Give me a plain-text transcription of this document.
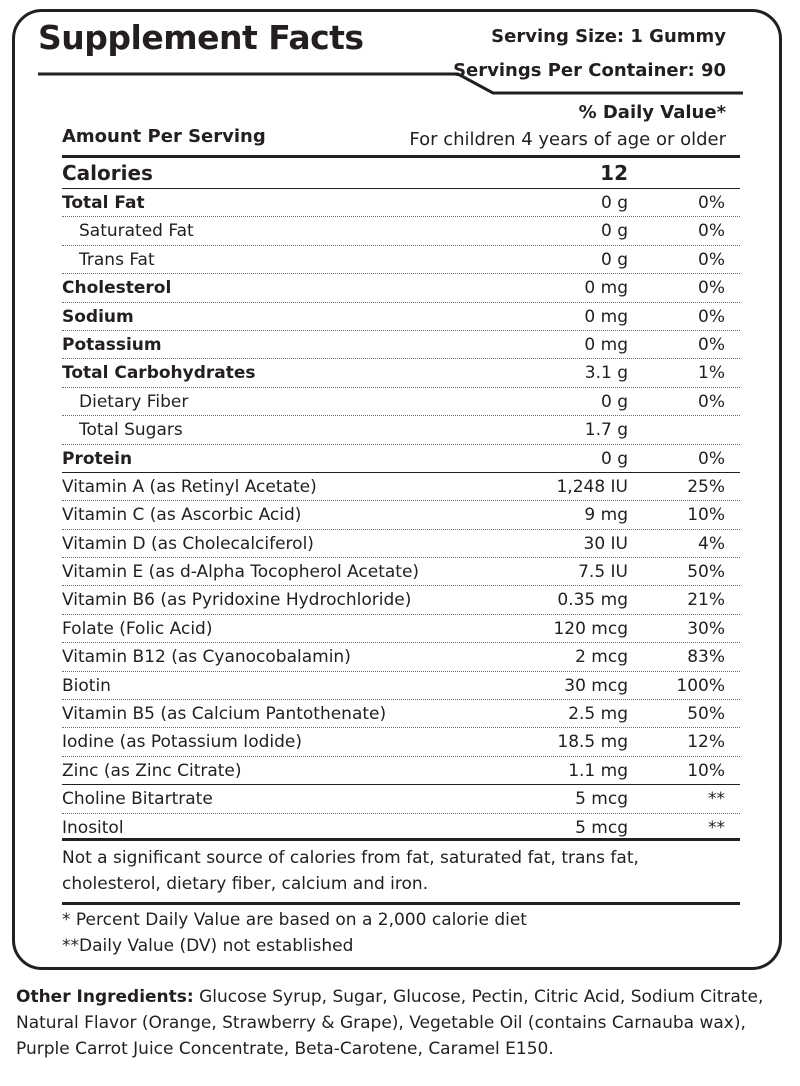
Supplement Facts	Serving Size: 1 Gummy
Servings Per Container: 90
% Daily Value*
For children 4 years of age or older
Amount Per Serving
Calories	12
Total Fat	0 g	0%
Saturated Fat	0 g	0%
Trans Fat	0 g	0%
Cholesterol	0 mg	0%
Sodium	0 mg	0%
Potassium	0 mg	0%
Total Carbohydrates	3.1 g	1%
Dietary Fiber	0 g	0%
Total Sugars	1.7 g
Protein	0 g	0%
Vitamin A (as Retinyl Acetate)	1,248 IU	25%
Vitamin C (as Ascorbic Acid)	9 mg	10%
Vitamin D (as Cholecalciferol)	30 IU	4%
Vitamin E (as d-Alpha Tocopherol Acetate)	7.5 IU	50%
Vitamin B6 (as Pyridoxine Hydrochloride)	0.35 mg	21%
Folate (Folic Acid)	120 mcg	30%
Vitamin B12 (as Cyanocobalamin)	2 mcg	83%
Biotin	30 mcg	100%
Vitamin B5 (as Calcium Pantothenate)	2.5 mg	50%
Iodine (as Potassium Iodide)	18.5 mg	12%
Zinc (as Zinc Citrate)	1.1 mg	10%
Choline Bitartrate	5 mcg	**
Inositol	5 mcg	**
Not a significant source of calories from fat, saturated fat, trans fat, cholesterol, dietary fiber, calcium and iron.
* Percent Daily Value are based on a 2,000 calorie diet
**Daily Value (DV) not established
Other Ingredients: Glucose Syrup, Sugar, Glucose, Pectin, Citric Acid, Sodium Citrate, Natural Flavor (Orange, Strawberry & Grape), Vegetable Oil (contains Carnauba wax), Purple Carrot Juice Concentrate, Beta-Carotene, Caramel E150.
